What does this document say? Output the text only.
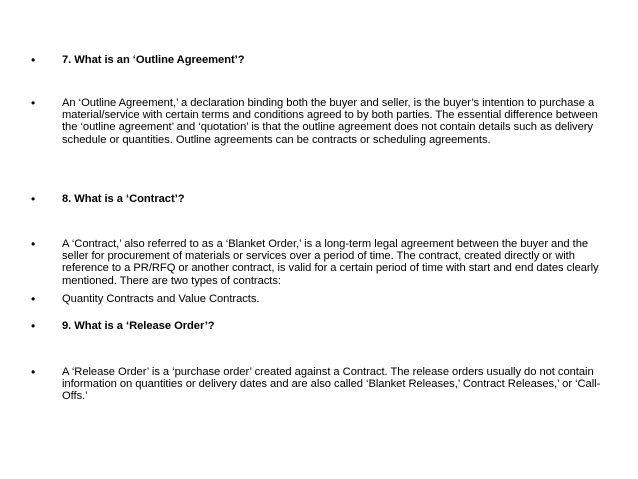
• 7. What is an ‘Outline Agreement’?
• An ‘Outline Agreement,’ a declaration binding both the buyer and seller, is the buyer’s intention to purchase a material/service with certain terms and conditions agreed to by both parties. The essential difference between the ‘outline agreement’ and ‘quotation’ is that the outline agreement does not contain details such as delivery schedule or quantities. Outline agreements can be contracts or scheduling agreements.
• 8. What is a ‘Contract’?
• A ‘Contract,’ also referred to as a ‘Blanket Order,’ is a long-term legal agreement between the buyer and the seller for procurement of materials or services over a period of time. The contract, created directly or with reference to a PR/RFQ or another contract, is valid for a certain period of time with start and end dates clearly mentioned. There are two types of contracts:
• Quantity Contracts and Value Contracts.
• 9. What is a ‘Release Order’?
• A ‘Release Order’ is a ‘purchase order’ created against a Contract. The release orders usually do not contain information on quantities or delivery dates and are also called ‘Blanket Releases,’ Contract Releases,’ or ‘Call-Offs.’
